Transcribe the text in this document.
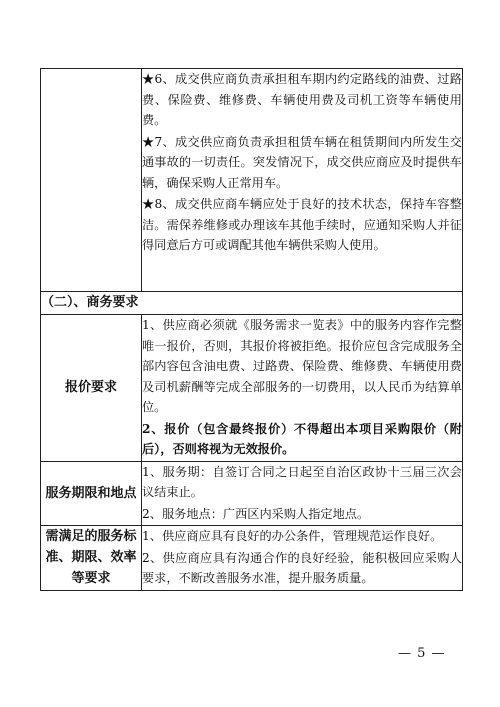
	★6、成交供应商负责承担租车期内约定路线的油费、过路费、保险费、维修费、车辆使用费及司机工资等车辆使用费。

★7、成交供应商负责承担租赁车辆在租赁期间内所发生交通事故的一切责任。突发情况下，成交供应商应及时提供车辆，确保采购人正常用车。

★8、成交供应商车辆应处于良好的技术状态，保持车容整洁。需保养维修或办理该车其他手续时，应通知采购人并征得同意后方可或调配其他车辆供采购人使用。

（二）、商务要求	
报价要求	1、供应商必须就《服务需求一览表》中的服务内容作完整唯一报价，否则，其报价将被拒绝。报价应包含完成服务全部内容包含油电费、过路费、保险费、维修费、车辆使用费及司机薪酬等完成全部服务的一切费用，以人民币为结算单位。

2、报价（包含最终报价）不得超出本项目采购限价（附后），否则将视为无效报价。

服务期限和地点	1、服务期：自签订合同之日起至自治区政协十三届三次会议结束止。

2、服务地点：广西区内采购人指定地点。

需满足的服务标准、期限、效率等要求	1、供应商应具有良好的办公条件，管理规范运作良好。

2、供应商应具有沟通合作的良好经验，能积极回应采购人要求，不断改善服务水准，提升服务质量。

— 5 —
